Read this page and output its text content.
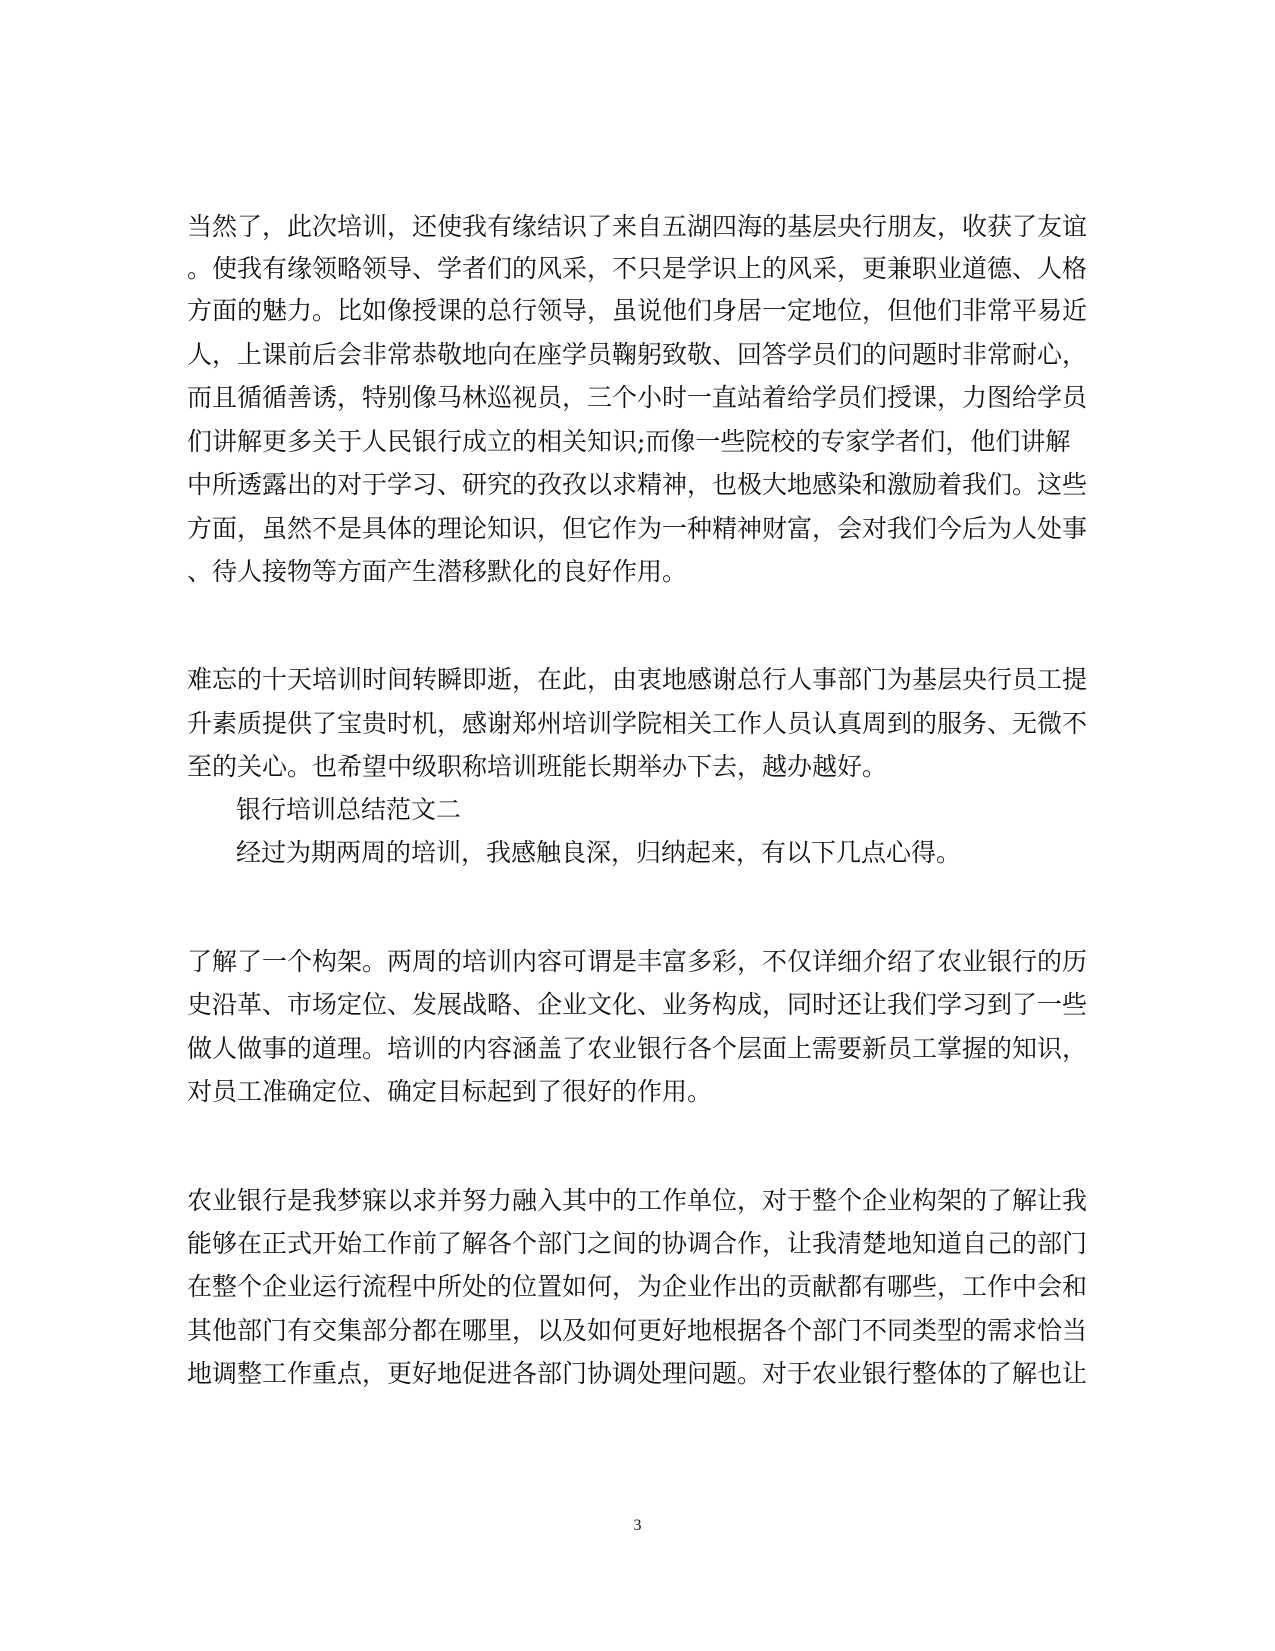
当然了，此次培训，还使我有缘结识了来自五湖四海的基层央行朋友，收获了友谊
。使我有缘领略领导、学者们的风采，不只是学识上的风采，更兼职业道德、人格
方面的魅力。比如像授课的总行领导，虽说他们身居一定地位，但他们非常平易近
人，上课前后会非常恭敬地向在座学员鞠躬致敬、回答学员们的问题时非常耐心，
而且循循善诱，特别像马林巡视员，三个小时一直站着给学员们授课，力图给学员
们讲解更多关于人民银行成立的相关知识;而像一些院校的专家学者们，他们讲解
中所透露出的对于学习、研究的孜孜以求精神，也极大地感染和激励着我们。这些
方面，虽然不是具体的理论知识，但它作为一种精神财富，会对我们今后为人处事
、待人接物等方面产生潜移默化的良好作用。
难忘的十天培训时间转瞬即逝，在此，由衷地感谢总行人事部门为基层央行员工提
升素质提供了宝贵时机，感谢郑州培训学院相关工作人员认真周到的服务、无微不
至的关心。也希望中级职称培训班能长期举办下去，越办越好。
银行培训总结范文二
经过为期两周的培训，我感触良深，归纳起来，有以下几点心得。
了解了一个构架。两周的培训内容可谓是丰富多彩，不仅详细介绍了农业银行的历
史沿革、市场定位、发展战略、企业文化、业务构成，同时还让我们学习到了一些
做人做事的道理。培训的内容涵盖了农业银行各个层面上需要新员工掌握的知识，
对员工准确定位、确定目标起到了很好的作用。
农业银行是我梦寐以求并努力融入其中的工作单位，对于整个企业构架的了解让我
能够在正式开始工作前了解各个部门之间的协调合作，让我清楚地知道自己的部门
在整个企业运行流程中所处的位置如何，为企业作出的贡献都有哪些，工作中会和
其他部门有交集部分都在哪里，以及如何更好地根据各个部门不同类型的需求恰当
地调整工作重点，更好地促进各部门协调处理问题。对于农业银行整体的了解也让
3
